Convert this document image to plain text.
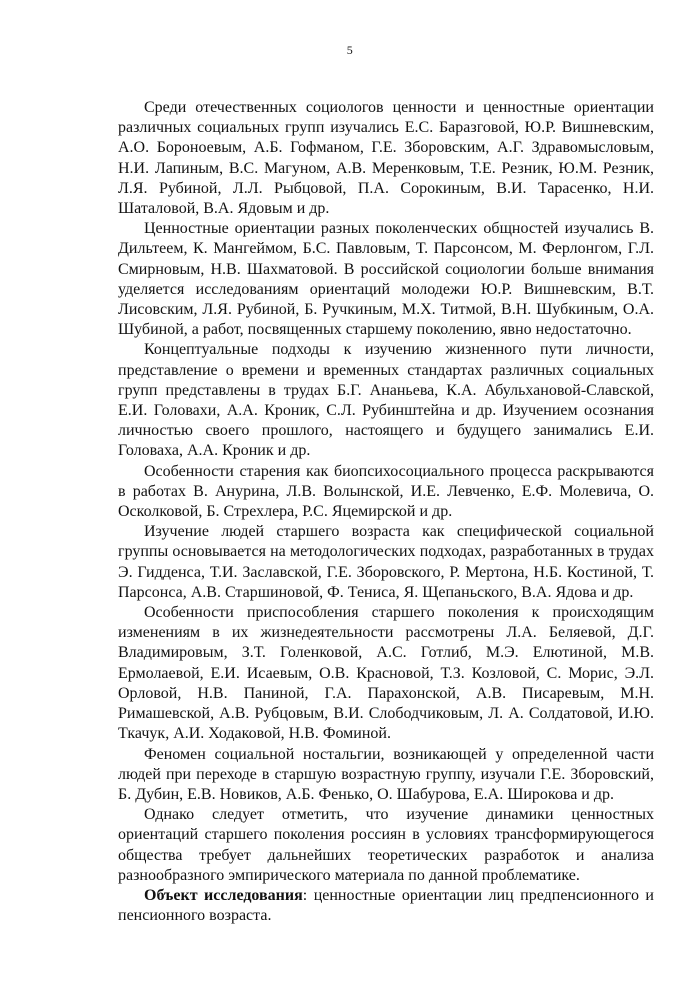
5

Среди отечественных социологов ценности и ценностные ориентации различных социальных групп изучались Е.С. Баразговой, Ю.Р. Вишневским, А.О. Бороноевым, А.Б. Гофманом, Г.Е. Зборовским, А.Г. Здравомысловым, Н.И. Лапиным, В.С. Магуном, А.В. Меренковым, Т.Е. Резник, Ю.М. Резник, Л.Я. Рубиной, Л.Л. Рыбцовой, П.А. Сорокиным, В.И. Тарасенко, Н.И. Шаталовой, В.А. Ядовым и др.

Ценностные ориентации разных поколенческих общностей изучались В. Дильтеем, К. Мангеймом, Б.С. Павловым, Т. Парсонсом, М. Ферлонгом, Г.Л. Смирновым, Н.В. Шахматовой. В российской социологии больше внимания уделяется исследованиям ориентаций молодежи Ю.Р. Вишневским, В.Т. Лисовским, Л.Я. Рубиной, Б. Ручкиным, М.Х. Титмой, В.Н. Шубкиным, О.А. Шубиной, а работ, посвященных старшему поколению, явно недостаточно.

Концептуальные подходы к изучению жизненного пути личности, представление о времени и временных стандартах различных социальных групп представлены в трудах Б.Г. Ананьева, К.А. Абульхановой-Славской, Е.И. Головахи, А.А. Кроник, С.Л. Рубинштейна и др. Изучением осознания личностью своего прошлого, настоящего и будущего занимались Е.И. Головаха, А.А. Кроник и др.

Особенности старения как биопсихосоциального процесса раскрываются в работах В. Анурина, Л.В. Волынской, И.Е. Левченко, Е.Ф. Молевича, О. Осколковой, Б. Стрехлера, Р.С. Яцемирской и др.

Изучение людей старшего возраста как специфической социальной группы основывается на методологических подходах, разработанных в трудах Э. Гидденса, Т.И. Заславской, Г.Е. Зборовского, Р. Мертона, Н.Б. Костиной, Т. Парсонса, А.В. Старшиновой, Ф. Тениса, Я. Щепаньского, В.А. Ядова и др.

Особенности приспособления старшего поколения к происходящим изменениям в их жизнедеятельности рассмотрены Л.А. Беляевой, Д.Г. Владимировым, З.Т. Голенковой, А.С. Готлиб, М.Э. Елютиной, М.В. Ермолаевой, Е.И. Исаевым, О.В. Красновой, Т.З. Козловой, С. Морис, Э.Л. Орловой, Н.В. Паниной, Г.А. Парахонской, А.В. Писаревым, М.Н. Римашевской, А.В. Рубцовым, В.И. Слободчиковым, Л. А. Солдатовой, И.Ю. Ткачук, А.И. Ходаковой, Н.В. Фоминой.

Феномен социальной ностальгии, возникающей у определенной части людей при переходе в старшую возрастную группу, изучали Г.Е. Зборовский, Б. Дубин, Е.В. Новиков, А.Б. Фенько, О. Шабурова, Е.А. Широкова и др.

Однако следует отметить, что изучение динамики ценностных ориентаций старшего поколения россиян в условиях трансформирующегося общества требует дальнейших теоретических разработок и анализа разнообразного эмпирического материала по данной проблематике.

Объект исследования: ценностные ориентации лиц предпенсионного и пенсионного возраста.
